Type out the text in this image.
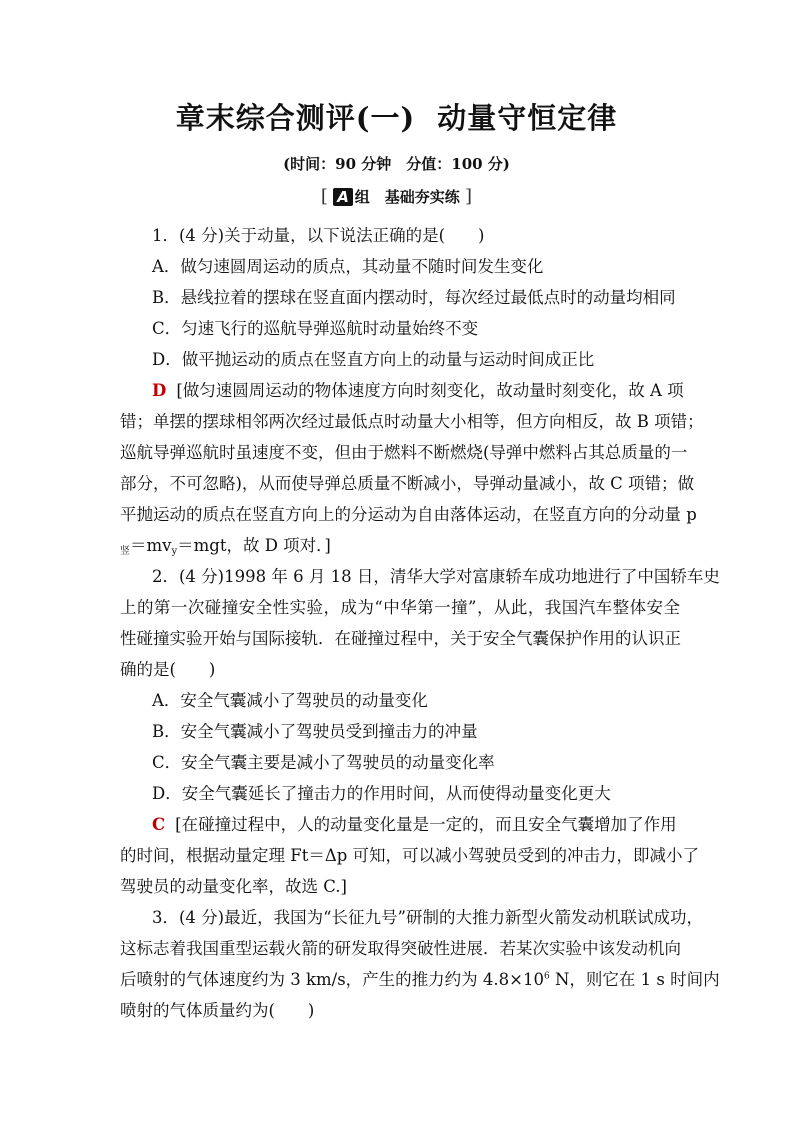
章末综合测评(一) 动量守恒定律
(时间：90 分钟　分值：100 分)
[ A 组　基础夯实练 ]
1．(4 分)关于动量，以下说法正确的是(　　)
A．做匀速圆周运动的质点，其动量不随时间发生变化
B．悬线拉着的摆球在竖直面内摆动时，每次经过最低点时的动量均相同
C．匀速飞行的巡航导弹巡航时动量始终不变
D．做平抛运动的质点在竖直方向上的动量与运动时间成正比
D [做匀速圆周运动的物体速度方向时刻变化，故动量时刻变化，故 A 项
错；单摆的摆球相邻两次经过最低点时动量大小相等，但方向相反，故 B 项错；
巡航导弹巡航时虽速度不变，但由于燃料不断燃烧(导弹中燃料占其总质量的一
部分，不可忽略)，从而使导弹总质量不断减小，导弹动量减小，故 C 项错；做
平抛运动的质点在竖直方向上的分运动为自由落体运动，在竖直方向的分动量 p
竖＝mvy＝mgt，故 D 项对．]
2．(4 分)1998 年 6 月 18 日，清华大学对富康轿车成功地进行了中国轿车史
上的第一次碰撞安全性实验，成为“中华第一撞”，从此，我国汽车整体安全
性碰撞实验开始与国际接轨．在碰撞过程中，关于安全气囊保护作用的认识正
确的是(　　)
A．安全气囊减小了驾驶员的动量变化
B．安全气囊减小了驾驶员受到撞击力的冲量
C．安全气囊主要是减小了驾驶员的动量变化率
D．安全气囊延长了撞击力的作用时间，从而使得动量变化更大
C [在碰撞过程中，人的动量变化量是一定的，而且安全气囊增加了作用
的时间，根据动量定理 Ft＝Δp 可知，可以减小驾驶员受到的冲击力，即减小了
驾驶员的动量变化率，故选 C.]
3．(4 分)最近，我国为“长征九号”研制的大推力新型火箭发动机联试成功，
这标志着我国重型运载火箭的研发取得突破性进展．若某次实验中该发动机向
后喷射的气体速度约为 3 km/s，产生的推力约为 $4.8\times 10^6$ N，则它在 1 s 时间内
喷射的气体质量约为(　　)
